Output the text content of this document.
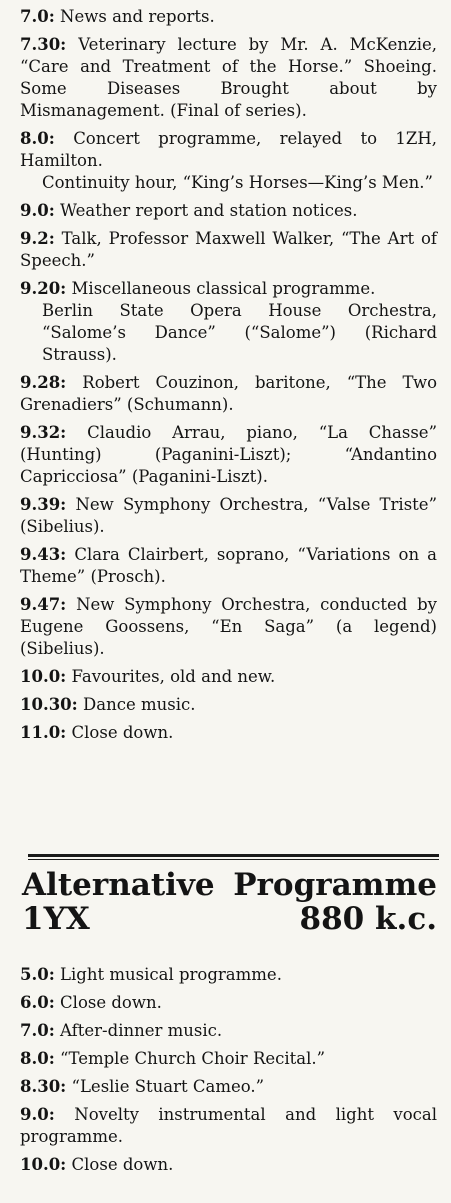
7.0: News and reports.
7.30: Veterinary lecture by Mr. A. McKenzie, “Care and Treatment of the Horse.” Shoeing. Some Diseases Brought about by Mismanagement. (Final of series).
8.0: Concert programme, relayed to 1ZH, Hamilton.
Continuity hour, “King’s Horses—King’s Men.”
9.0: Weather report and station notices.
9.2: Talk, Professor Maxwell Walker, “The Art of Speech.”
9.20: Miscellaneous classical programme.
Berlin State Opera House Orchestra, “Salome’s Dance” (“Salome”) (Richard Strauss).
9.28: Robert Couzinon, baritone, “The Two Grenadiers” (Schumann).
9.32: Claudio Arrau, piano, “La Chasse” (Hunting) (Paganini-Liszt); “Andantino Capricciosa” (Paganini-Liszt).
9.39: New Symphony Orchestra, “Valse Triste” (Sibelius).
9.43: Clara Clairbert, soprano, “Variations on a Theme” (Prosch).
9.47: New Symphony Orchestra, conducted by Eugene Goossens, “En Saga” (a legend) (Sibelius).
10.0: Favourites, old and new.
10.30: Dance music.
11.0: Close down.
Alternative
1YX
Programme
880 k.c.
5.0: Light musical programme.
6.0: Close down.
7.0: After-dinner music.
8.0: “Temple Church Choir Recital.”
8.30: “Leslie Stuart Cameo.”
9.0: Novelty instrumental and light vocal programme.
10.0: Close down.
